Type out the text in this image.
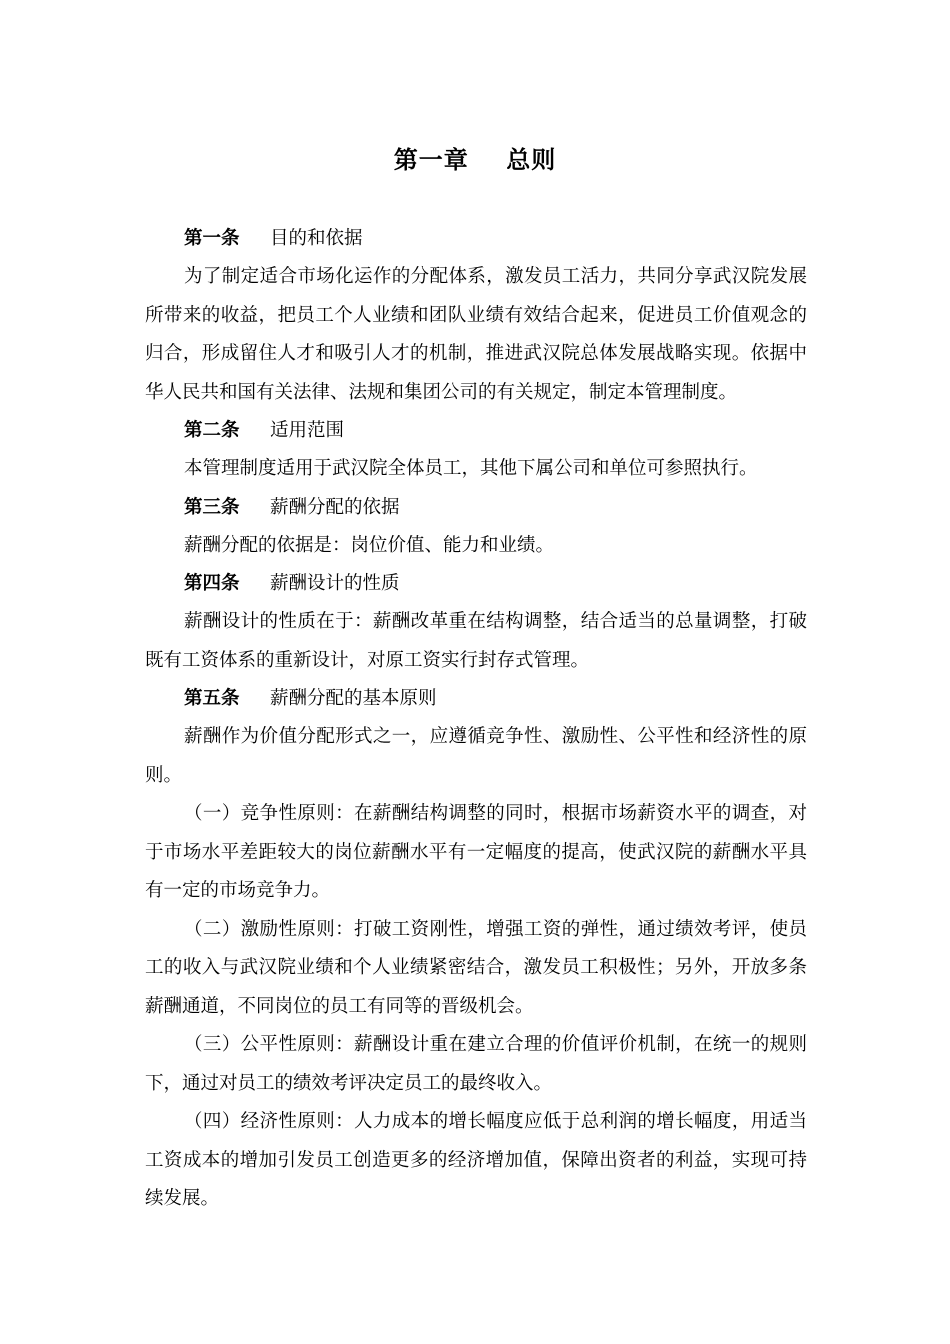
第一章    总则
第一条 目的和依据

为了制定适合市场化运作的分配体系，激发员工活力，共同分享武汉院发展所带来的收益，把员工个人业绩和团队业绩有效结合起来，促进员工价值观念的归合，形成留住人才和吸引人才的机制，推进武汉院总体发展战略实现。依据中华人民共和国有关法律、法规和集团公司的有关规定，制定本管理制度。

第二条 适用范围

本管理制度适用于武汉院全体员工，其他下属公司和单位可参照执行。

第三条 薪酬分配的依据

薪酬分配的依据是：岗位价值、能力和业绩。

第四条 薪酬设计的性质

薪酬设计的性质在于：薪酬改革重在结构调整，结合适当的总量调整，打破既有工资体系的重新设计，对原工资实行封存式管理。

第五条 薪酬分配的基本原则

薪酬作为价值分配形式之一，应遵循竞争性、激励性、公平性和经济性的原则。

（一）竞争性原则：在薪酬结构调整的同时，根据市场薪资水平的调查，对于市场水平差距较大的岗位薪酬水平有一定幅度的提高，使武汉院的薪酬水平具有一定的市场竞争力。

（二）激励性原则：打破工资刚性，增强工资的弹性，通过绩效考评，使员工的收入与武汉院业绩和个人业绩紧密结合，激发员工积极性；另外，开放多条薪酬通道，不同岗位的员工有同等的晋级机会。

（三）公平性原则：薪酬设计重在建立合理的价值评价机制，在统一的规则下，通过对员工的绩效考评决定员工的最终收入。

（四）经济性原则：人力成本的增长幅度应低于总利润的增长幅度，用适当工资成本的增加引发员工创造更多的经济增加值，保障出资者的利益，实现可持续发展。
